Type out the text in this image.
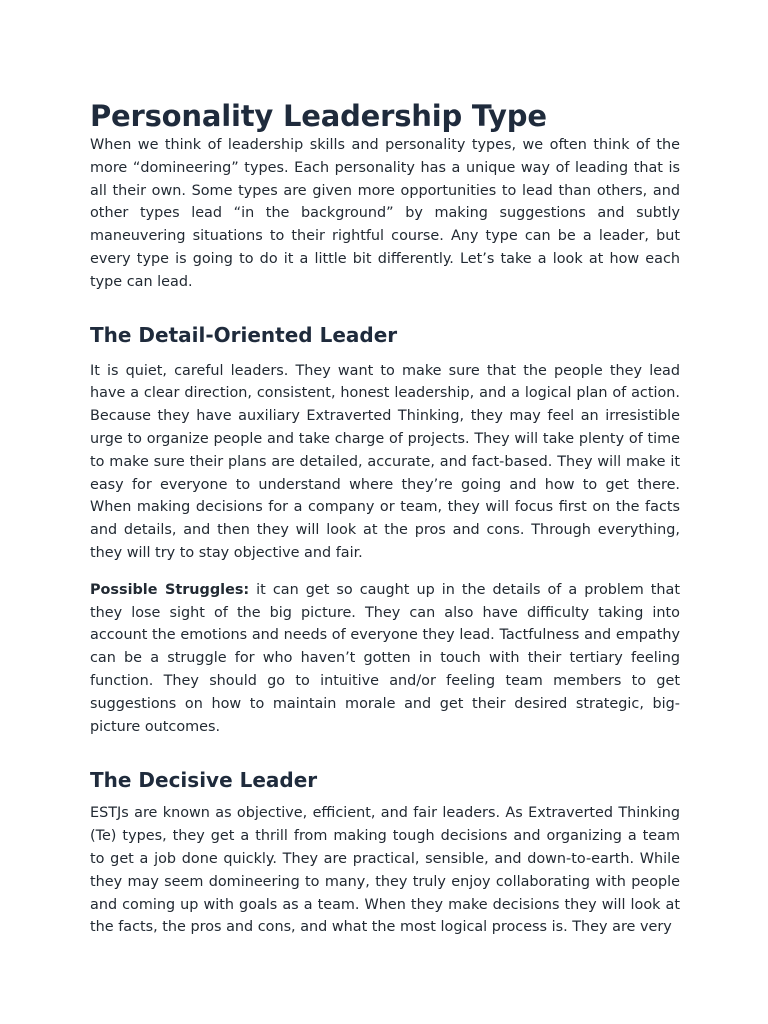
Personality Leadership Type

When we think of leadership skills and personality types, we often think of the more “domineering” types. Each personality has a unique way of leading that is all their own. Some types are given more opportunities to lead than others, and other types lead “in the background” by making suggestions and subtly maneuvering situations to their rightful course. Any type can be a leader, but every type is going to do it a little bit differently. Let’s take a look at how each type can lead.

The Detail-Oriented Leader

It is quiet, careful leaders. They want to make sure that the people they lead have a clear direction, consistent, honest leadership, and a logical plan of action. Because they have auxiliary Extraverted Thinking, they may feel an irresistible urge to organize people and take charge of projects. They will take plenty of time to make sure their plans are detailed, accurate, and fact-based. They will make it easy for everyone to understand where they’re going and how to get there. When making decisions for a company or team, they will focus first on the facts and details, and then they will look at the pros and cons. Through everything, they will try to stay objective and fair.

Possible Struggles: it can get so caught up in the details of a problem that they lose sight of the big picture. They can also have difficulty taking into account the emotions and needs of everyone they lead. Tactfulness and empathy can be a struggle for who haven’t gotten in touch with their tertiary feeling function. They should go to intuitive and/or feeling team members to get suggestions on how to maintain morale and get their desired strategic, big-picture outcomes.

The Decisive Leader

ESTJs are known as objective, efficient, and fair leaders. As Extraverted Thinking (Te) types, they get a thrill from making tough decisions and organizing a team to get a job done quickly. They are practical, sensible, and down-to-earth. While they may seem domineering to many, they truly enjoy collaborating with people and coming up with goals as a team. When they make decisions they will look at the facts, the pros and cons, and what the most logical process is. They are very
